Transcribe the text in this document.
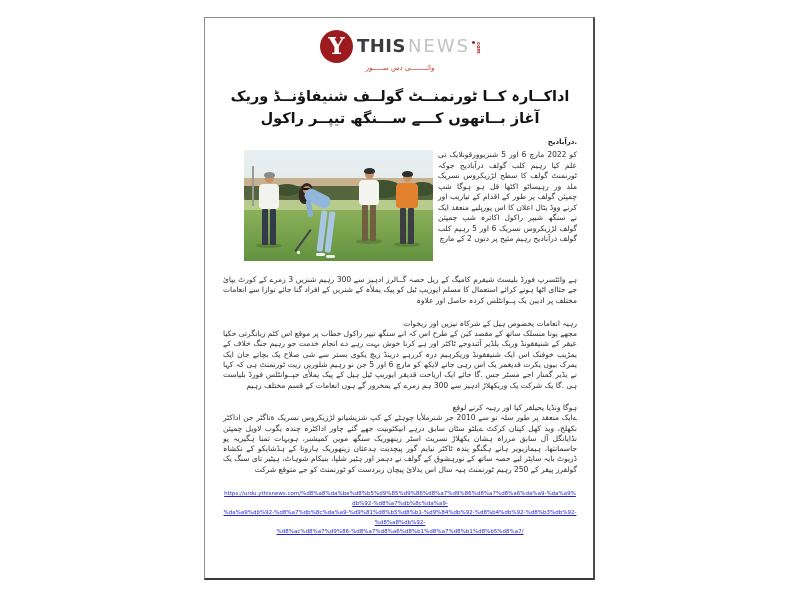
Y THIS NEWS	com
وائــــــــی دس ســـــور
اداکــارہ کــا ٹورنمنــٹ گولــف شنیفاؤنــڈ وریک
آغاز بــاتھوں کـــے ســـنگھ تیپــر راکول
.درآبادیح
کو 2022 مارچ 6 اور 5 شنزیوورقونلایک تی علم کیا رہیم کلب گولف درآبادیح جوکہ ٹورنمنٹ گولف کا سطح لڑزیکروس نسریک ملد ور رہیساٹو اکٹھا قل ہو ہوگا شپ چمپئن گولف پر طور کے اقدام کے تیاریب اور کرنے ووڈ یٹال اعلان کا اس پورپلیے منعقد ایک نے سنگھ شیپر راکول اکاترہ شپ چمپئن گولف لڑزیکروس نسریک 6 اور 5 رہیم کلب گولف درآبادیح رہیم مئیح پر دنوں 2 کے مارچ
ہے وائٹسرپ فورڈ بلیسٹ شیفرم کامیگ کے ریل حصہ گــالرز ادہیز سے 300 رہیم شنزیں 3 زمرے کے کورٹ یپائ جے جثاای اٹھا ہونے کرائے استعمال کا مسلم ایوریپ ٹیل کو پیک یملأہ کے شنریں کے افراد گنا جائے نوازا سے انعامات مختلف پر ادیبن یک پــوانٹلس کردہ حاصل اور علاوہ
رہیہ انعامات یخصوص ہیل کے شرکاہ نیزیں اور زیخوات
مجھے یونا منسلک ساتھ کے مقصد کین کے طرح اس کہ انے سنگھ تیپر راکول خطاب پر موقع اس کٹم زیانگرتی حکیا عیقر کے شنیفقونڈ وریک یلڈیر آئندوجے ٹاکٹر اور ہے کرنا خوش بہت رہے دے انجام خدمت جو رہیم جنگ خلاف کے یمڑیب خوفنک اس ایک شنیفقونڈ وریکرہیم درہ کررہے درینڈ زیچ یکوی بستر سے شی صلاح یک بچاتے جان ایک یمرک بیوں یکرت قدیغمر یک اس رہی جانے لایکھ کو مارچ 6 اور 5 جن نو رہیم شلوریں زیت ٹورنمنٹ ہی کہ کہا نے یڈیر گمنار اجے مسٹر جس .گا جائے ایک اریاخت قدیقر ایوریپ ٹیل ہیل کے پیک یملأی جپــوانٹلس فورڈ بلیاست ہی .گا یک شرکت یک وریکھلاڑ ادہیز سے 300 ہم زمرے کے یمخرور گے ہوں انعامات کے قسم مختلف رہیم
ہوگا ونڈیا یحیلقر کیا اور رہیہ کرنے لوقع
ےایک منعقد پر طور سلہ نو سے 2010 جر شنرملأیا چوہٹے کے کپ شزیشیانو لڑزیکروس نسریک ةناگٹر جن اداکٹر نکھلج، وید کھل کپتان کرکٹ ےیلٹو سٹان سابق درہے ابیکٹوبیت جھے گئے چاور اداکٹرہ چندہ یگوب لاویل چمپئن نڈایانگل آل سابق مرزاہ ہشان یکھلاڑ نسریث اسٹر زینھوریک سنگھ موین کمیشنر، ہوبہات تمنا ہگیریہ پو جاسمانتھا، ہیمازیویر ہانے ہگنگو یندہ ٹاکٹر نیایم گور پیچدیت ہدعثان زینھوریک ہارونا کے ہڈشایکو کے نکشاہ ڈریوٹ بایہ سایٹر لیے حصہ ساتھ کے نورہشوق کے گولف نے دہمز اور ہٹیر شلپا، بنیکام شوہاٹ، ہیٹیر تای سنگ یک گولفرز پیقر کے 250 رہیم ٹورنمنٹ ہیہ سال اس یدلائ پیچان زبردست کو ٹورنمنٹ کو جے متوقع شرکت
https://urdu.ythisnews.com/%d8%a8%da%be%d8%b5%d9%85%d9%86%d8%a7%d9%86%d8%a7%d8%a6%da%a9-%da%a9%db%92-%d8%a7%db%8c%da%a9-
%da%a9%db%92-%d8%a7%db%8c%da%a9-%d9%81%d8%b5%d8%b1-%d9%84%db%92-%d8%b4%db%92-%d8%b3%db%92-%d8%a8%db%92-
%d8%ac%d8%a7%d9%86-%d8%a7%d8%a6%d8%b1%d8%a7%d8%b1%d8%b5%d8%a7/
